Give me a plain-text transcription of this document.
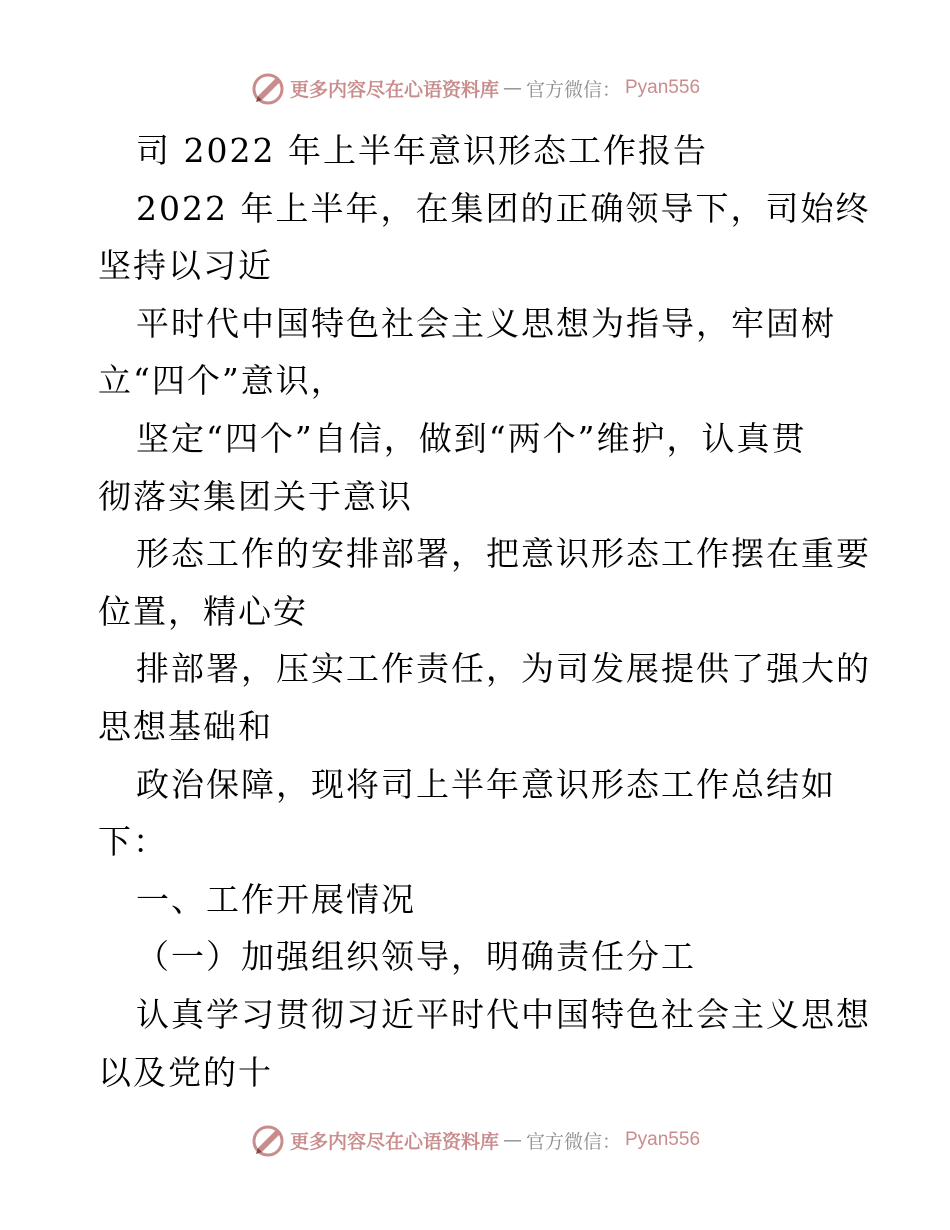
更多内容尽在心语资料库 — 官方微信： Pyan556
司 2022 年上半年意识形态工作报告
2022 年上半年，在集团的正确领导下，司始终
坚持以习近
平时代中国特色社会主义思想为指导，牢固树
立“四个”意识，
坚定“四个”自信，做到“两个”维护，认真贯
彻落实集团关于意识
形态工作的安排部署，把意识形态工作摆在重要
位置，精心安
排部署，压实工作责任，为司发展提供了强大的
思想基础和
政治保障，现将司上半年意识形态工作总结如
下：
一、工作开展情况
（一）加强组织领导，明确责任分工
认真学习贯彻习近平时代中国特色社会主义思想
以及党的十
更多内容尽在心语资料库 — 官方微信： Pyan556
